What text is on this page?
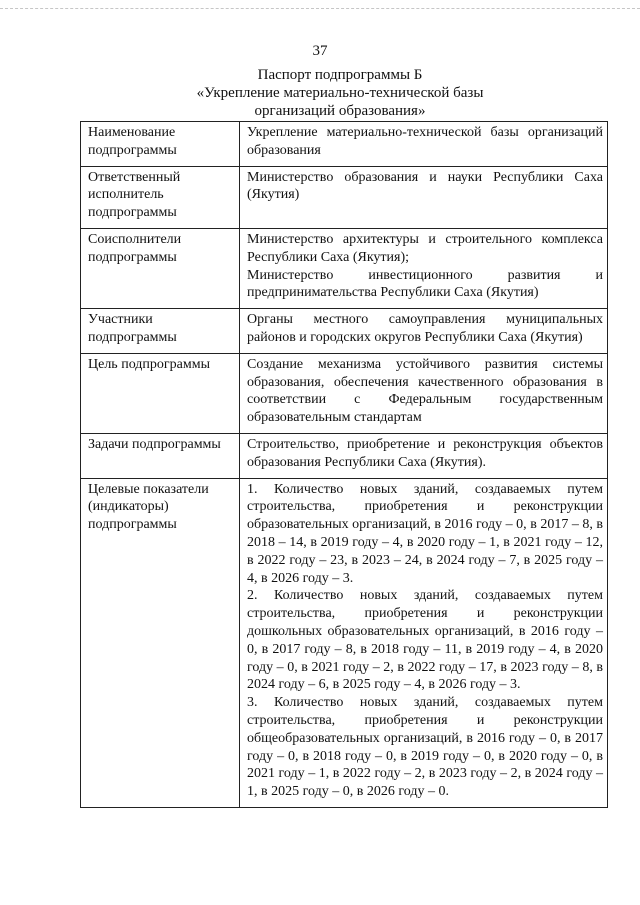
37
Паспорт подпрограммы Б
«Укрепление материально-технической базы
организаций образования»
Наименование подпрограммы	Укрепление материально-технической базы организаций образования
Ответственный исполнитель подпрограммы	Министерство образования и науки Республики Саха (Якутия)
Соисполнители подпрограммы	Министерство архитектуры и строительного комплекса Республики Саха (Якутия);
Министерство инвестиционного развития и предпринимательства Республики Саха (Якутия)

Участники подпрограммы	Органы местного самоуправления муниципальных районов и городских округов Республики Саха (Якутия)
Цель подпрограммы	Создание механизма устойчивого развития системы образования, обеспечения качественного образования в соответствии с Федеральным государственным образовательным стандартам
Задачи подпрограммы	Строительство, приобретение и реконструкция объектов образования Республики Саха (Якутия).
Целевые показатели (индикаторы) подпрограммы	1. Количество новых зданий, создаваемых путем строительства, приобретения и реконструкции образовательных организаций, в 2016 году – 0, в 2017 – 8, в 2018 – 14, в 2019 году – 4, в 2020 году – 1, в 2021 году – 12, в 2022 году – 23, в 2023 – 24, в 2024 году – 7, в 2025 году – 4, в 2026 году – 3.

2. Количество новых зданий, создаваемых путем строительства, приобретения и реконструкции дошкольных образовательных организаций, в 2016 году – 0, в 2017 году – 8, в 2018 году – 11, в 2019 году – 4, в 2020 году – 0, в 2021 году – 2, в 2022 году – 17, в 2023 году – 8, в 2024 году – 6, в 2025 году – 4, в 2026 году – 3.

3. Количество новых зданий, создаваемых путем строительства, приобретения и реконструкции общеобразовательных организаций, в 2016 году – 0, в 2017 году – 0, в 2018 году – 0, в 2019 году – 0, в 2020 году – 0, в 2021 году – 1, в 2022 году – 2, в 2023 году – 2, в 2024 году – 1, в 2025 году – 0, в 2026 году – 0.
